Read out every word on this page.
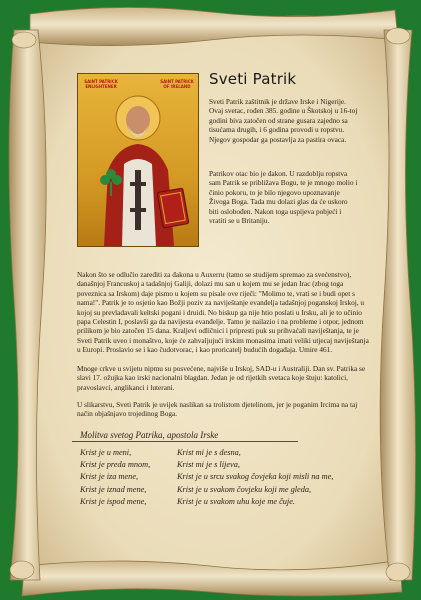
SAINT PATRICK ENLIGHTENER
SAINT PATRICK OF IRELAND Sveti Patrik

Sveti Patrik zaštitnik je države Irske i Nigerije. Ovaj svetac, rođen 385. godine u Škotskoj u 16-toj godini biva zatočen od strane gusara zajedno sa tisućama drugih, i 6 godina provodi u ropstvu. Njegov gospodar ga postavlja za pastira ovaca.

Patrikov otac bio je đakon. U razdoblju ropstva sam Patrik se približava Bogu, te je mnogo molio i činio pokoru, to je bilo njegovo upoznavanje Živoga Boga. Tada mu dolazi glas da će uskoro biti oslobođen. Nakon toga uspijeva pobjeći i vratiti se u Britaniju.

Nakon što se odlučio zaređiti za đakona u Auxerru (tamo se studijem spremao za svećenstvo), današnjoj Francuskoj a tadašnjoj Galiji, dolazi mu san u kojem mu se jedan Irac (zbog toga poveznica sa Irskom) daje pismo u kojem su pisale ove riječi: "Molimo te, vrati se i budi opet s nama!". Patrik je to osjetio kao Božji poziv za naviještanje evanđelja tadašnjoj poganskoj Irskoj, u kojoj su prevladavali keltski pogani i druidi. No biskup ga nije htio poslati u Irsku, ali je to učinio papa Celestin I, poslavši ga da navijesta evanđelje. Tamo je nailazio i na probleme i otpor, jednom prilikom je bio zatočen 15 dana. Kraljevi odličnici i pripresti puk su prihvaćali naviještanja, te je Sveti Patrik uveo i monaštvo, koje će zahvaljujući irskim monasima imati veliki utjecaj naviještanja u Europi. Proslavio se i kao čudotvorac, i kao proricatelj budućih događaja. Umire 461.

Mnoge crkve u svijetu nipmu su posvećene, najviše u Irskoj, SAD-u i Australiji. Dan sv. Patrika se slavi 17. ožujka kao irski nacionalni blagdan. Jedan je od rijetkih svetaca koje štuju: katolici, pravoslavci, anglikanci i luterani.

U slikarstvu, Sveti Patrik je uvijek naslikan sa trolistom djetelinom, jer je poganim Ircima na taj način objašnjavo trojedinog Boga.

Molitva svetog Patrika, apostola Irske
Krist je u meni,
Krist je preda mnom,
Krist je iza mene,
Krist je iznad mene,
Krist je ispod mene,
Krist mi je s desna,
Krist mi je s lijeva,
Krist je u srcu svakog čovjeka koji misli na me,
Krist je u svakom čovjeku koji me gleda,
Krist je u svakom uhu koje me čuje.
